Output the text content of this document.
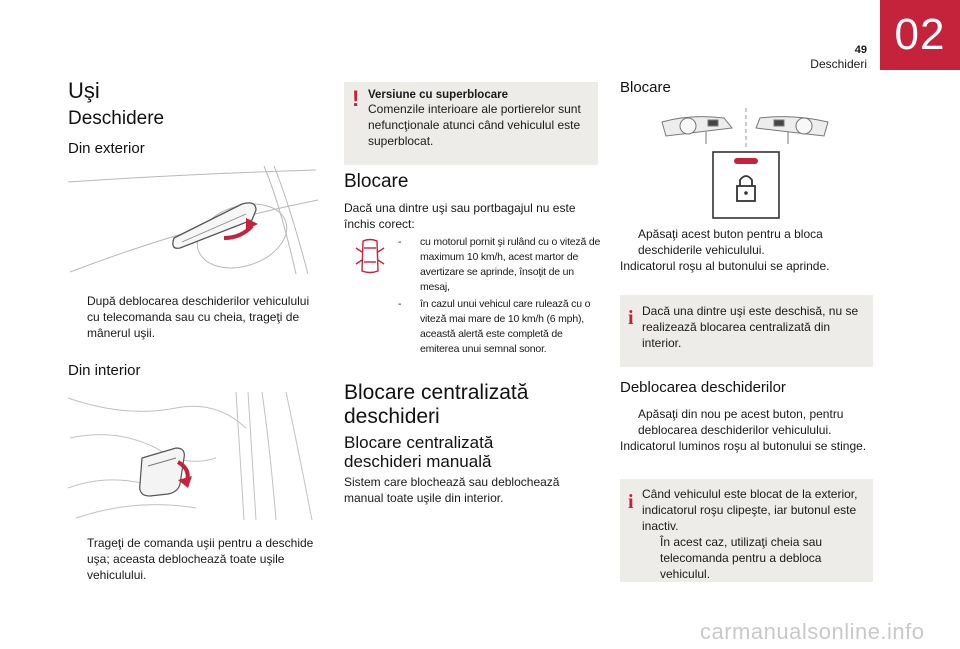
49
Deschideri
02
Uşi
Deschidere
Din exterior
După deblocarea deschiderilor vehiculului cu telecomanda sau cu cheia, trageţi de mânerul uşii.
Din interior
Trageţi de comanda uşii pentru a deschide uşa; aceasta deblochează toate uşile vehiculului.
! Versiune cu superblocare
Comenzile interioare ale portierelor sunt nefuncţionale atunci când vehiculul este superblocat.
Blocare
Dacă una dintre uşi sau portbagajul nu este închis corect:
- cu motorul pornit şi rulând cu o viteză de maximum 10 km/h, acest martor de avertizare se aprinde, însoţit de un mesaj,
- în cazul unui vehicul care rulează cu o viteză mai mare de 10 km/h (6 mph), această alertă este completă de emiterea unui semnal sonor.
Blocare centralizată deschideri
Blocare centralizată deschideri manuală
Sistem care blochează sau deblochează manual toate uşile din interior.
Blocare
Apăsaţi acest buton pentru a bloca deschiderile vehiculului.
Indicatorul roşu al butonului se aprinde.
i Dacă una dintre uşi este deschisă, nu se realizează blocarea centralizată din interior.
Deblocarea deschiderilor
Apăsaţi din nou pe acest buton, pentru deblocarea deschiderilor vehiculului.
Indicatorul luminos roşu al butonului se stinge.
i Când vehiculul este blocat de la exterior, indicatorul roşu clipeşte, iar butonul este inactiv.
În acest caz, utilizaţi cheia sau telecomanda pentru a debloca vehiculul.
carmanualsonline.info
